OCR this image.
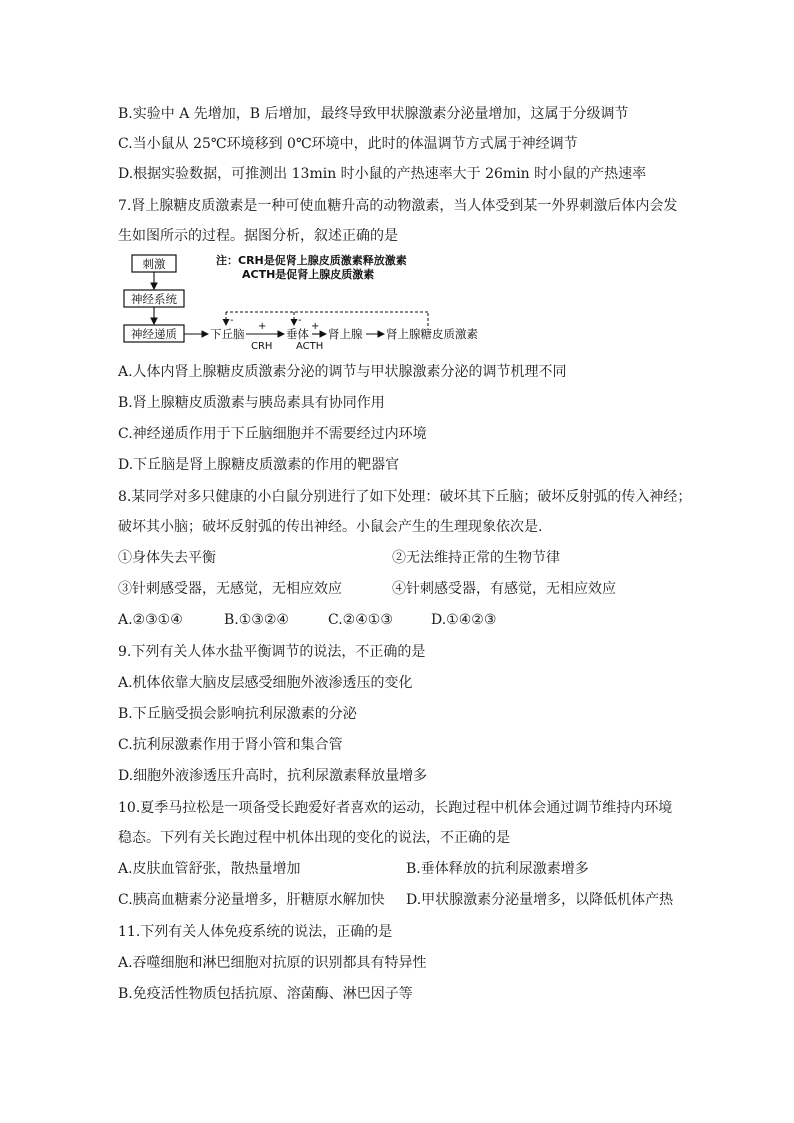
B.实验中 A 先增加，B 后增加，最终导致甲状腺激素分泌量增加，这属于分级调节
C.当小鼠从 25℃环境移到 0℃环境中，此时的体温调节方式属于神经调节
D.根据实验数据，可推测出 13min 时小鼠的产热速率大于 26min 时小鼠的产热速率
7.肾上腺糖皮质激素是一种可使血糖升高的动物激素，当人体受到某一外界刺激后体内会发
生如图所示的过程。据图分析，叙述正确的是
刺激
神经系统
神经递质
注：CRH是促肾上腺皮质激素释放激素
ACTH是促肾上腺皮质激素
下丘脑
+
CRH
垂体
+
ACTH
肾上腺 肾上腺糖皮质激素
-	-
A.人体内肾上腺糖皮质激素分泌的调节与甲状腺激素分泌的调节机理不同
B.肾上腺糖皮质激素与胰岛素具有协同作用
C.神经递质作用于下丘脑细胞并不需要经过内环境
D.下丘脑是肾上腺糖皮质激素的作用的靶器官
8.某同学对多只健康的小白鼠分别进行了如下处理：破坏其下丘脑；破坏反射弧的传入神经；
破坏其小脑；破坏反射弧的传出神经。小鼠会产生的生理现象依次是.
①身体失去平衡	②无法维持正常的生物节律
③针刺感受器，无感觉，无相应效应	④针刺感受器，有感觉，无相应效应
A.②③①④	B.①③②④	C.②④①③	D.①④②③
9.下列有关人体水盐平衡调节的说法，不正确的是
A.机体依靠大脑皮层感受细胞外液渗透压的变化
B.下丘脑受损会影响抗利尿激素的分泌
C.抗利尿激素作用于肾小管和集合管
D.细胞外液渗透压升高时，抗利尿激素释放量增多
10.夏季马拉松是一项备受长跑爱好者喜欢的运动，长跑过程中机体会通过调节维持内环境
稳态。下列有关长跑过程中机体出现的变化的说法，不正确的是
A.皮肤血管舒张，散热量增加	B.垂体释放的抗利尿激素增多
C.胰高血糖素分泌量增多，肝糖原水解加快 D.甲状腺激素分泌量增多，以降低机体产热
11.下列有关人体免疫系统的说法，正确的是
A.吞噬细胞和淋巴细胞对抗原的识别都具有特异性
B.免疫活性物质包括抗原、溶菌酶、淋巴因子等
